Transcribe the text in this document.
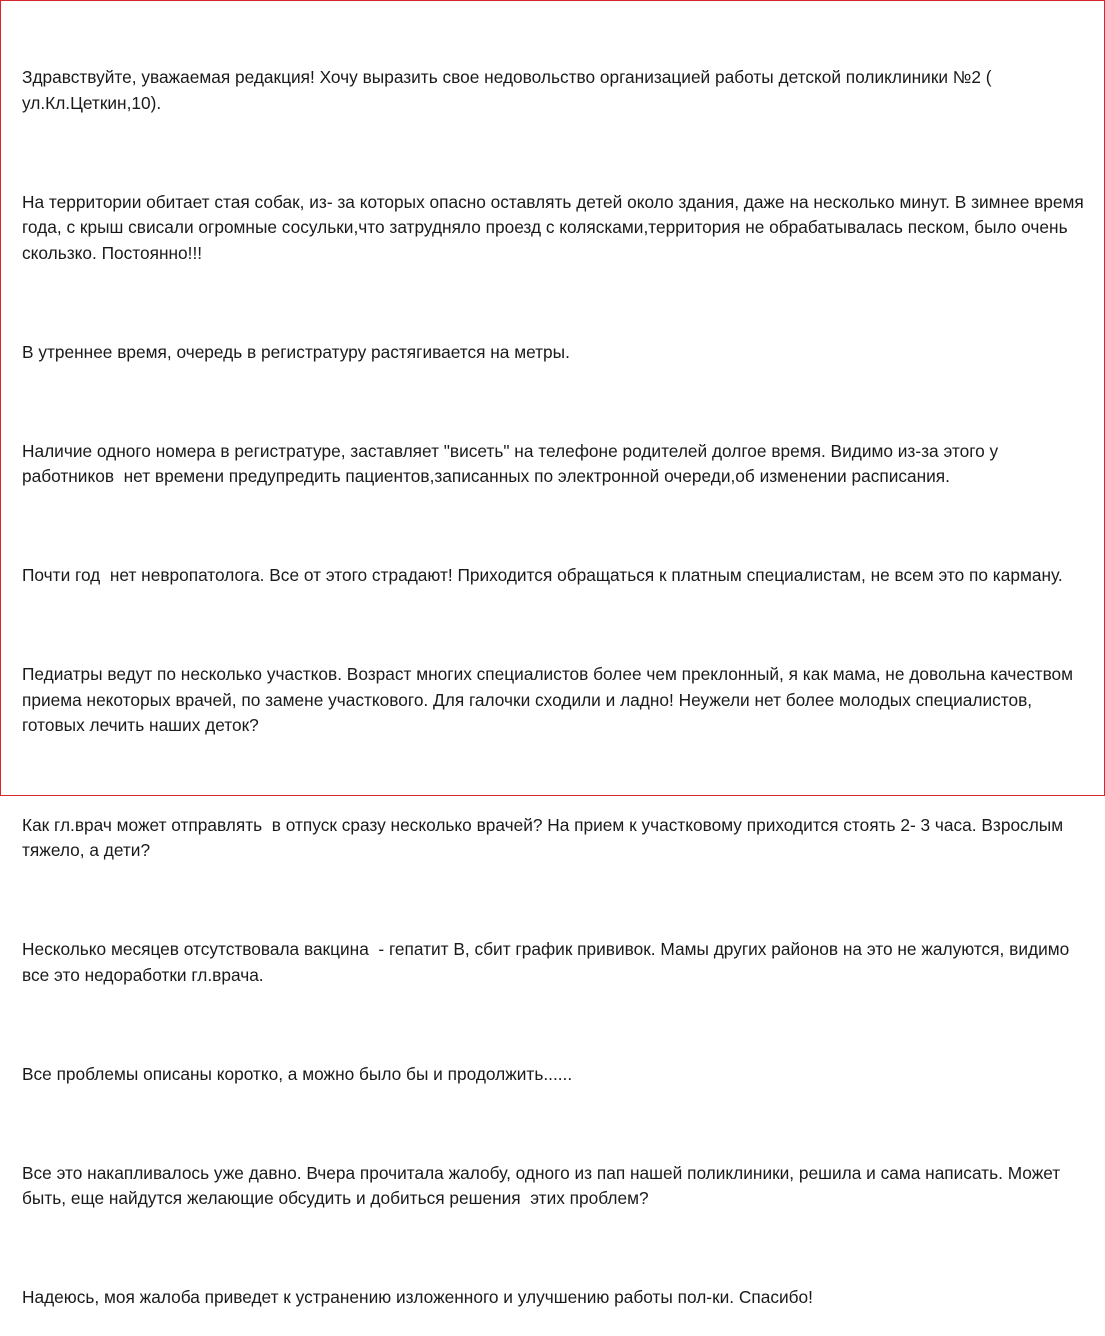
Здравствуйте, уважаемая редакция! Хочу выразить свое недовольство организацией работы детской поликлиники №2 ( ул.Кл.Цеткин,10).

На территории обитает стая собак, из- за которых опасно оставлять детей около здания, даже на несколько минут. В зимнее время года, с крыш свисали огромные сосульки,что затрудняло проезд с колясками,территория не обрабатывалась песком, было очень скользко. Постоянно!!!

В утреннее время, очередь в регистратуру растягивается на метры.

Наличие одного номера в регистратуре, заставляет "висеть" на телефоне родителей долгое время. Видимо из-за этого у работников  нет времени предупредить пациентов,записанных по электронной очереди,об изменении расписания.

Почти год  нет невропатолога. Все от этого страдают! Приходится обращаться к платным специалистам, не всем это по карману.

Педиатры ведут по несколько участков. Возраст многих специалистов более чем преклонный, я как мама, не довольна качеством приема некоторых врачей, по замене участкового. Для галочки сходили и ладно! Неужели нет более молодых специалистов, готовых лечить наших деток?

Как гл.врач может отправлять  в отпуск сразу несколько врачей? На прием к участковому приходится стоять 2- 3 часа. Взрослым тяжело, а дети?

Несколько месяцев отсутствовала вакцина  - гепатит В, сбит график прививок. Мамы других районов на это не жалуются, видимо все это недоработки гл.врача.

Все проблемы описаны коротко, а можно было бы и продолжить......

Все это накапливалось уже давно. Вчера прочитала жалобу, одного из пап нашей поликлиники, решила и сама написать. Может быть, еще найдутся желающие обсудить и добиться решения  этих проблем?

Надеюсь, моя жалоба приведет к устранению изложенного и улучшению работы пол-ки. Спасибо!
